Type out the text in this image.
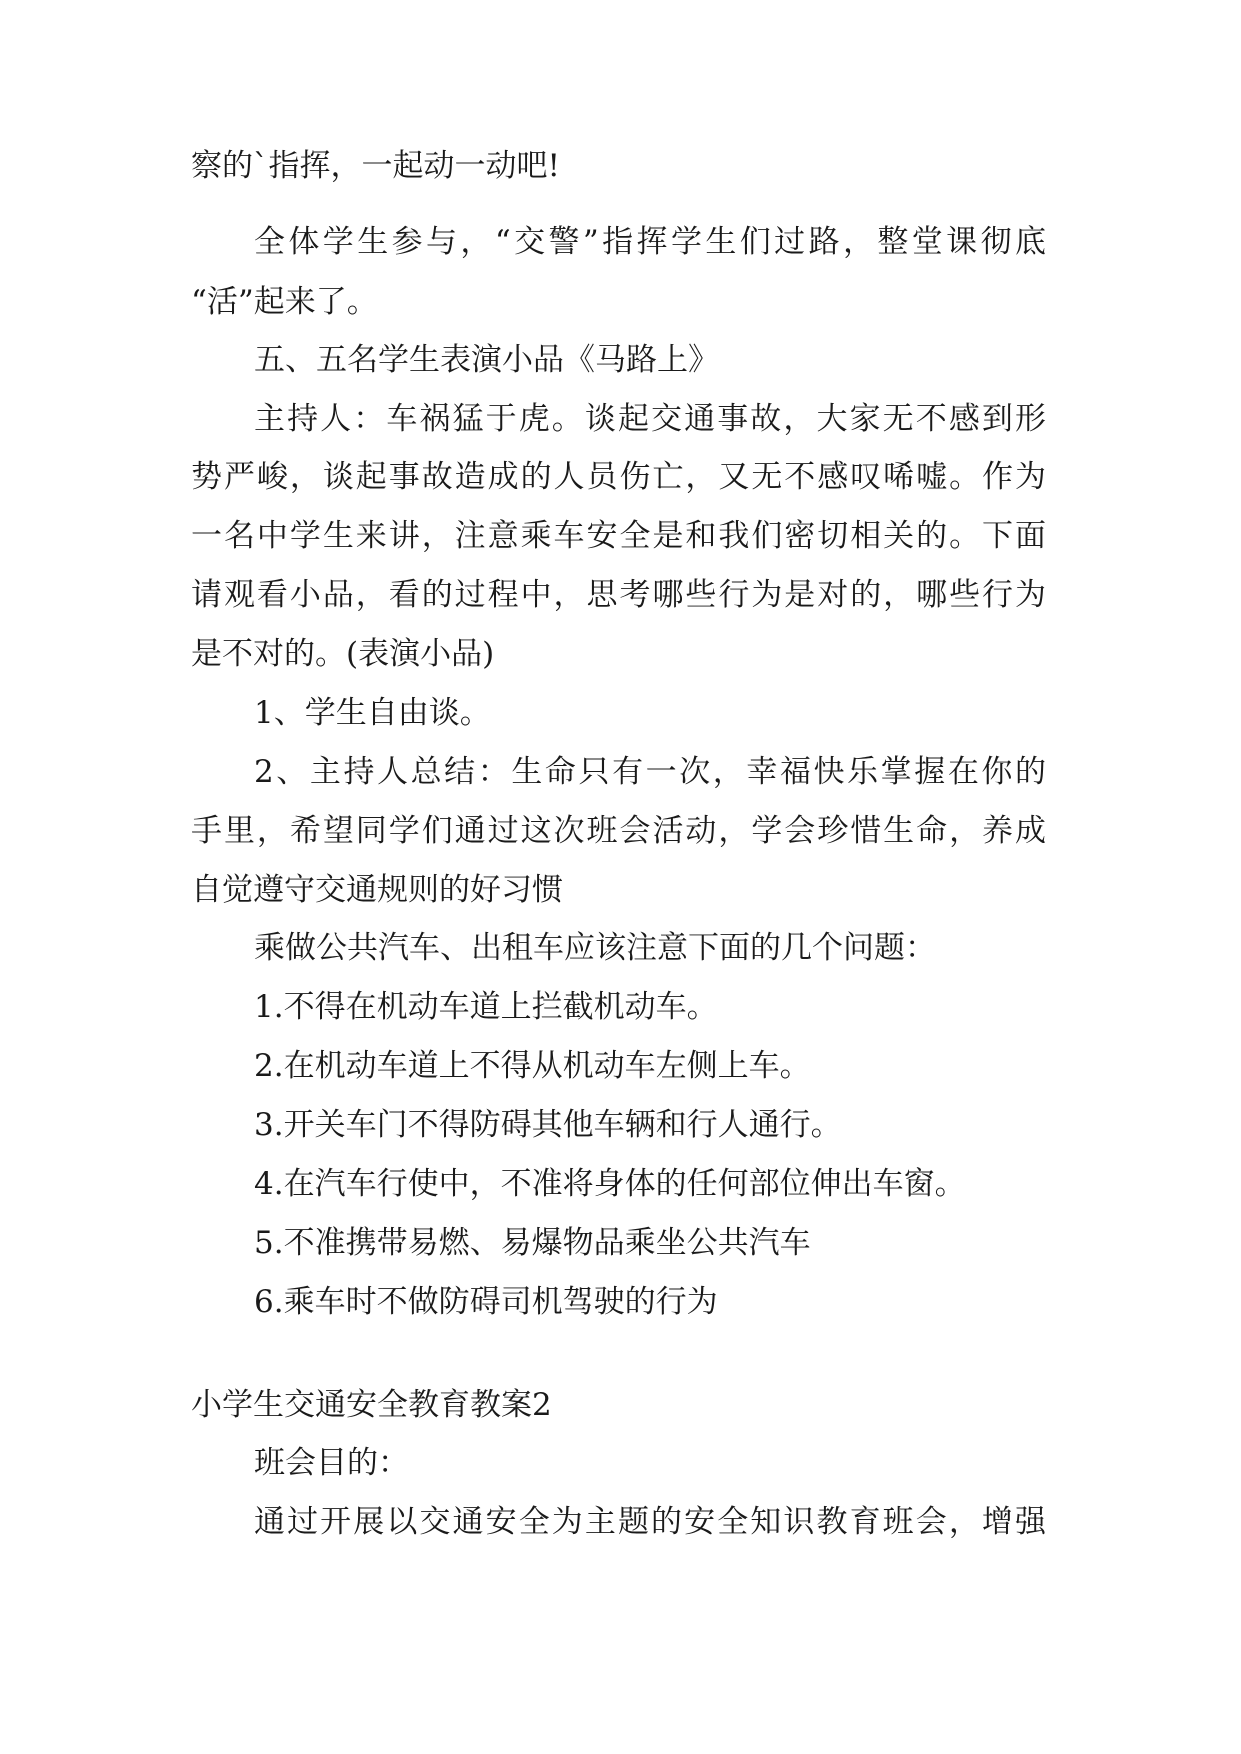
察的`指挥，一起动一动吧!
全体学生参与，“交警”指挥学生们过路，整堂课彻底
“活”起来了。
五、五名学生表演小品《马路上》
主持人：车祸猛于虎。谈起交通事故，大家无不感到形
势严峻，谈起事故造成的人员伤亡，又无不感叹唏嘘。作为
一名中学生来讲，注意乘车安全是和我们密切相关的。下面
请观看小品，看的过程中，思考哪些行为是对的，哪些行为
是不对的。(表演小品)
1、学生自由谈。
2、主持人总结：生命只有一次，幸福快乐掌握在你的
手里，希望同学们通过这次班会活动，学会珍惜生命，养成
自觉遵守交通规则的好习惯
乘做公共汽车、出租车应该注意下面的几个问题：
1.不得在机动车道上拦截机动车。
2.在机动车道上不得从机动车左侧上车。
3.开关车门不得防碍其他车辆和行人通行。
4.在汽车行使中，不准将身体的任何部位伸出车窗。
5.不准携带易燃、易爆物品乘坐公共汽车
6.乘车时不做防碍司机驾驶的行为
小学生交通安全教育教案2
班会目的：
通过开展以交通安全为主题的安全知识教育班会，增强
